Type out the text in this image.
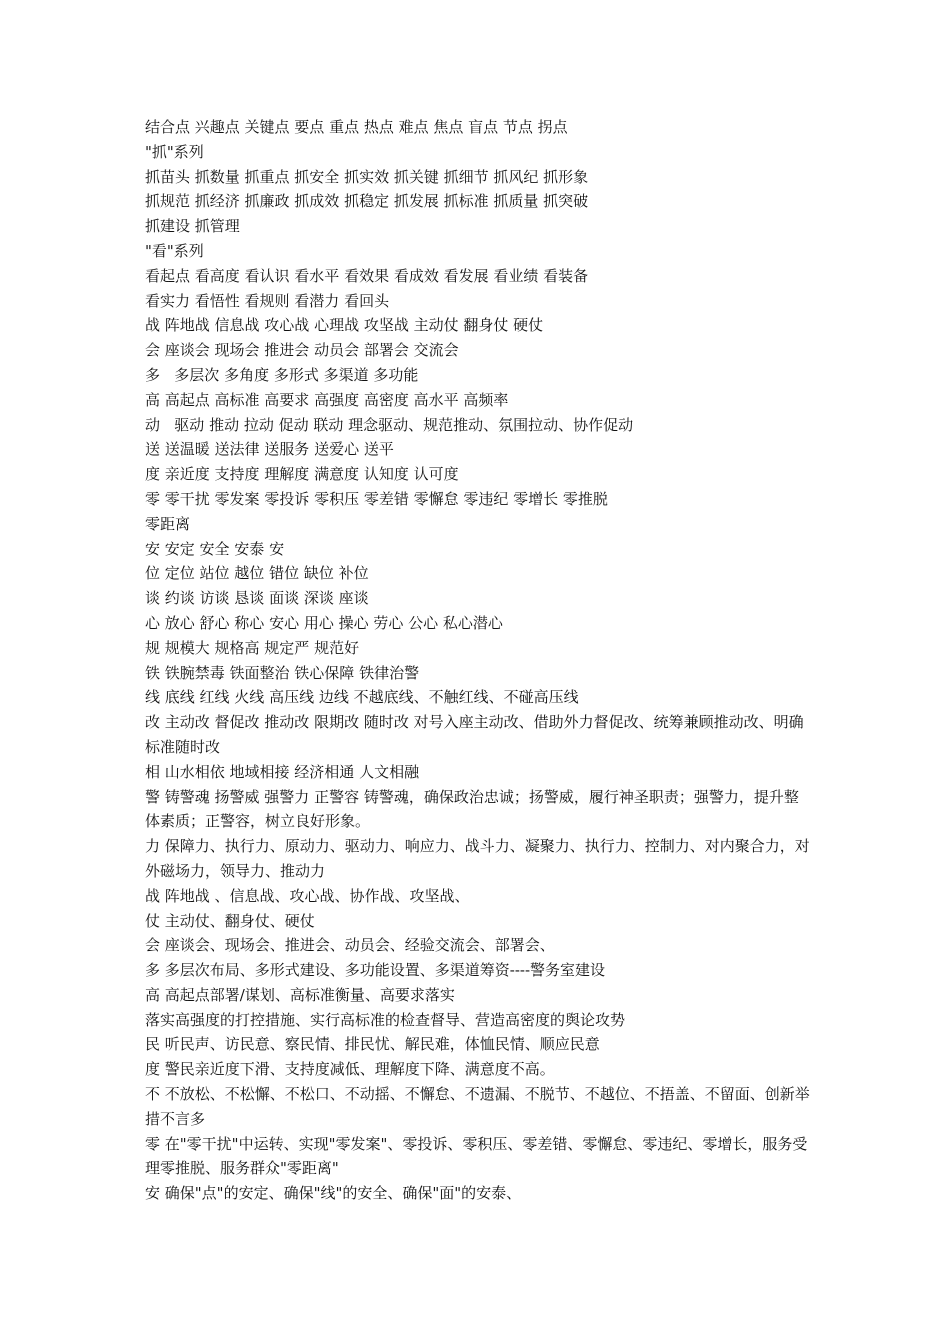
结合点 兴趣点 关键点 要点 重点 热点 难点 焦点 盲点 节点 拐点

"抓"系列

抓苗头 抓数量 抓重点 抓安全 抓实效 抓关键 抓细节 抓风纪 抓形象

抓规范 抓经济 抓廉政 抓成效 抓稳定 抓发展 抓标准 抓质量 抓突破

抓建设 抓管理

"看"系列

看起点 看高度 看认识 看水平 看效果 看成效 看发展 看业绩 看装备

看实力 看悟性 看规则 看潜力 看回头

战 阵地战 信息战 攻心战 心理战 攻坚战 主动仗 翻身仗 硬仗

会 座谈会 现场会 推进会 动员会 部署会 交流会

多   多层次 多角度 多形式 多渠道 多功能

高 高起点 高标准 高要求 高强度 高密度 高水平 高频率

动   驱动 推动 拉动 促动 联动 理念驱动、规范推动、氛围拉动、协作促动

送 送温暖 送法律 送服务 送爱心 送平

度 亲近度 支持度 理解度 满意度 认知度 认可度

零 零干扰 零发案 零投诉 零积压 零差错 零懈怠 零违纪 零增长 零推脱

零距离

安 安定 安全 安泰 安

位 定位 站位 越位 错位 缺位 补位

谈 约谈 访谈 恳谈 面谈 深谈 座谈

心 放心 舒心 称心 安心 用心 操心 劳心 公心 私心潜心

规 规模大 规格高 规定严 规范好

铁 铁腕禁毒 铁面整治 铁心保障 铁律治警

线 底线 红线 火线 高压线 边线 不越底线、不触红线、不碰高压线

改 主动改 督促改 推动改 限期改 随时改 对号入座主动改、借助外力督促改、统筹兼顾推动改、明确标准随时改

相 山水相依 地域相接 经济相通 人文相融

警 铸警魂 扬警威 强警力 正警容 铸警魂，确保政治忠诚；扬警威，履行神圣职责；强警力，提升整体素质；正警容，树立良好形象。

力 保障力、执行力、原动力、驱动力、响应力、战斗力、凝聚力、执行力、控制力、对内聚合力，对外磁场力，领导力、推动力

战 阵地战 、信息战、攻心战、协作战、攻坚战、

仗 主动仗、翻身仗、硬仗

会 座谈会、现场会、推进会、动员会、经验交流会、部署会、

多 多层次布局、多形式建设、多功能设置、多渠道筹资----警务室建设

高 高起点部署/谋划、高标准衡量、高要求落实

落实高强度的打控措施、实行高标准的检查督导、营造高密度的舆论攻势

民 听民声、访民意、察民情、排民忧、解民难，体恤民情、顺应民意

度 警民亲近度下滑、支持度减低、理解度下降、满意度不高。

不 不放松、不松懈、不松口、不动摇、不懈怠、不遗漏、不脱节、不越位、不捂盖、不留面、创新举措不言多

零 在"零干扰"中运转、实现"零发案"、零投诉、零积压、零差错、零懈怠、零违纪、零增长，服务受理零推脱、服务群众"零距离"

安 确保"点"的安定、确保"线"的安全、确保"面"的安泰、
